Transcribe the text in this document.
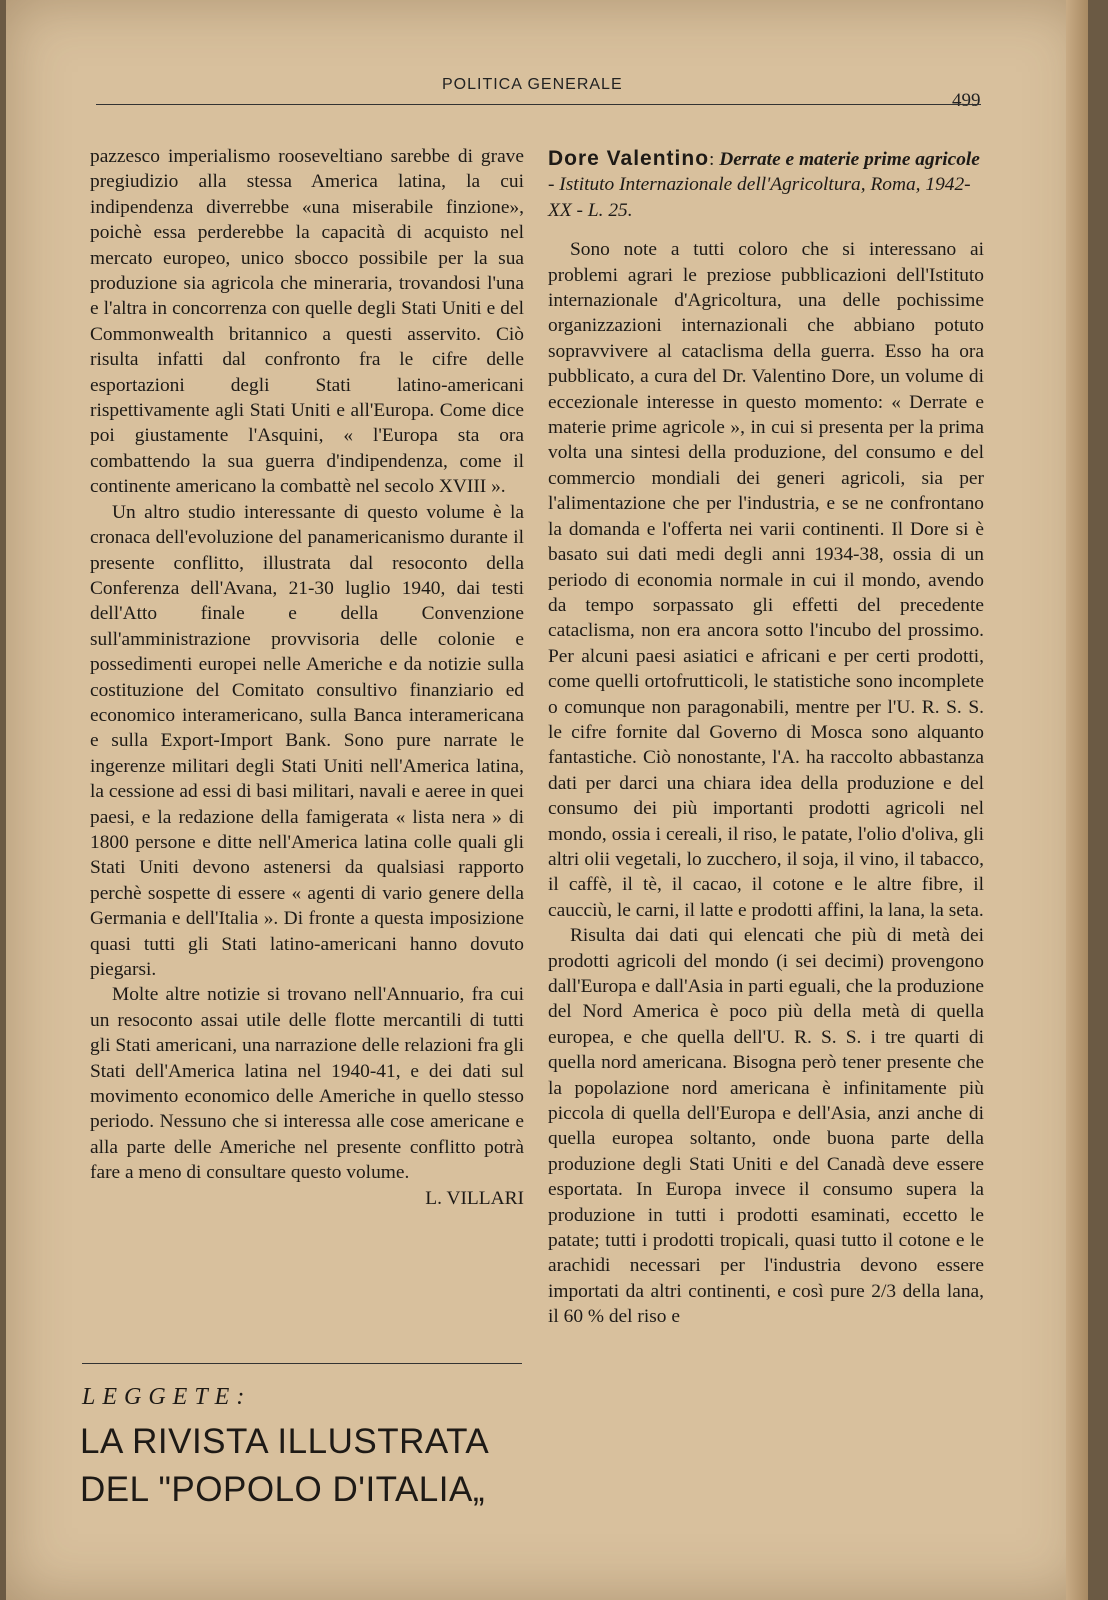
POLITICA GENERALE
499

pazzesco imperialismo rooseveltiano sarebbe di grave pregiudizio alla stessa America latina, la cui indipendenza diverrebbe «una miserabile finzione», poichè essa perderebbe la capacità di acquisto nel mercato europeo, unico sbocco possibile per la sua produzione sia agricola che mineraria, trovandosi l'una e l'altra in concorrenza con quelle degli Stati Uniti e del Commonwealth britannico a questi asservito. Ciò risulta infatti dal confronto fra le cifre delle esportazioni degli Stati latino-americani rispettivamente agli Stati Uniti e all'Europa. Come dice poi giustamente l'Asquini, « l'Europa sta ora combattendo la sua guerra d'indipendenza, come il continente americano la combattè nel secolo XVIII ».

Un altro studio interessante di questo volume è la cronaca dell'evoluzione del panamericanismo durante il presente conflitto, illustrata dal resoconto della Conferenza dell'Avana, 21-30 luglio 1940, dai testi dell'Atto finale e della Convenzione sull'amministrazione provvisoria delle colonie e possedimenti europei nelle Americhe e da notizie sulla costituzione del Comitato consultivo finanziario ed economico interamericano, sulla Banca interamericana e sulla Export-Import Bank. Sono pure narrate le ingerenze militari degli Stati Uniti nell'America latina, la cessione ad essi di basi militari, navali e aeree in quei paesi, e la redazione della famigerata « lista nera » di 1800 persone e ditte nell'America latina colle quali gli Stati Uniti devono astenersi da qualsiasi rapporto perchè sospette di essere « agenti di vario genere della Germania e dell'Italia ». Di fronte a questa imposizione quasi tutti gli Stati latino-americani hanno dovuto piegarsi.

Molte altre notizie si trovano nell'Annuario, fra cui un resoconto assai utile delle flotte mercantili di tutti gli Stati americani, una narrazione delle relazioni fra gli Stati dell'America latina nel 1940-41, e dei dati sul movimento economico delle Americhe in quello stesso periodo. Nessuno che si interessa alle cose americane e alla parte delle Americhe nel presente conflitto potrà fare a meno di consultare questo volume.

L. VILLARI
LEGGETE:
LA RIVISTA ILLUSTRATA
DEL "POPOLO D'ITALIA„
Dore Valentino: Derrate e materie prime agricole - Istituto Internazionale dell'Agricoltura, Roma, 1942-XX - L. 25.

Sono note a tutti coloro che si interessano ai problemi agrari le preziose pubblicazioni dell'Istituto internazionale d'Agricoltura, una delle pochissime organizzazioni internazionali che abbiano potuto sopravvivere al cataclisma della guerra. Esso ha ora pubblicato, a cura del Dr. Valentino Dore, un volume di eccezionale interesse in questo momento: « Derrate e materie prime agricole », in cui si presenta per la prima volta una sintesi della produzione, del consumo e del commercio mondiali dei generi agricoli, sia per l'alimentazione che per l'industria, e se ne confrontano la domanda e l'offerta nei varii continenti. Il Dore si è basato sui dati medi degli anni 1934-38, ossia di un periodo di economia normale in cui il mondo, avendo da tempo sorpassato gli effetti del precedente cataclisma, non era ancora sotto l'incubo del prossimo. Per alcuni paesi asiatici e africani e per certi prodotti, come quelli ortofrutticoli, le statistiche sono incomplete o comunque non paragonabili, mentre per l'U. R. S. S. le cifre fornite dal Governo di Mosca sono alquanto fantastiche. Ciò nonostante, l'A. ha raccolto abbastanza dati per darci una chiara idea della produzione e del consumo dei più importanti prodotti agricoli nel mondo, ossia i cereali, il riso, le patate, l'olio d'oliva, gli altri olii vegetali, lo zucchero, il soja, il vino, il tabacco, il caffè, il tè, il cacao, il cotone e le altre fibre, il caucciù, le carni, il latte e prodotti affini, la lana, la seta.

Risulta dai dati qui elencati che più di metà dei prodotti agricoli del mondo (i sei decimi) provengono dall'Europa e dall'Asia in parti eguali, che la produzione del Nord America è poco più della metà di quella europea, e che quella dell'U. R. S. S. i tre quarti di quella nord americana. Bisogna però tener presente che la popolazione nord americana è infinitamente più piccola di quella dell'Europa e dell'Asia, anzi anche di quella europea soltanto, onde buona parte della produzione degli Stati Uniti e del Canadà deve essere esportata. In Europa invece il consumo supera la produzione in tutti i prodotti esaminati, eccetto le patate; tutti i prodotti tropicali, quasi tutto il cotone e le arachidi necessari per l'industria devono essere importati da altri continenti, e così pure 2/3 della lana, il 60 % del riso e
